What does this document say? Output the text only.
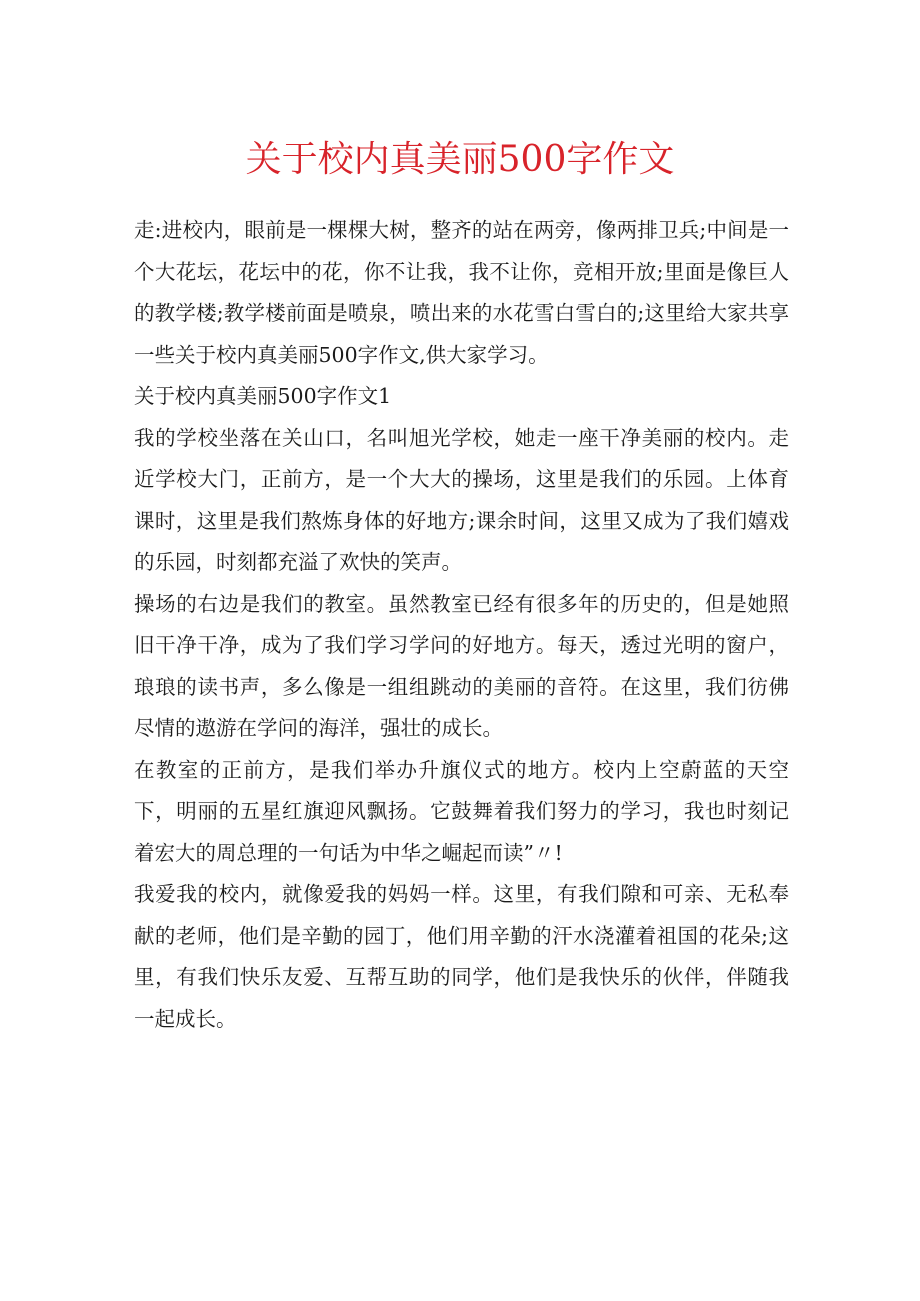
关于校内真美丽500字作文

走:进校内，眼前是一棵棵大树，整齐的站在两旁，像两排卫兵;中间是一个大花坛，花坛中的花，你不让我，我不让你，竞相开放;里面是像巨人的教学楼;教学楼前面是喷泉，喷出来的水花雪白雪白的;这里给大家共享一些关于校内真美丽500字作文,供大家学习。

关于校内真美丽500字作文1

我的学校坐落在关山口，名叫旭光学校，她走一座干净美丽的校内。走近学校大门，正前方，是一个大大的操场，这里是我们的乐园。上体育课时，这里是我们熬炼身体的好地方;课余时间，这里又成为了我们嬉戏的乐园，时刻都充溢了欢快的笑声。

操场的右边是我们的教室。虽然教室已经有很多年的历史的，但是她照旧干净干净，成为了我们学习学问的好地方。每天，透过光明的窗户，琅琅的读书声，多么像是一组组跳动的美丽的音符。在这里，我们彷佛尽情的遨游在学问的海洋，强壮的成长。

在教室的正前方，是我们举办升旗仪式的地方。校内上空蔚蓝的天空下，明丽的五星红旗迎风飘扬。它鼓舞着我们努力的学习，我也时刻记着宏大的周总理的一句话为中华之崛起而读”〃!

我爱我的校内，就像爱我的妈妈一样。这里，有我们隙和可亲、无私奉献的老师，他们是辛勤的园丁，他们用辛勤的汗水浇灌着祖国的花朵;这里，有我们快乐友爱、互帮互助的同学，他们是我快乐的伙伴，伴随我一起成长。
